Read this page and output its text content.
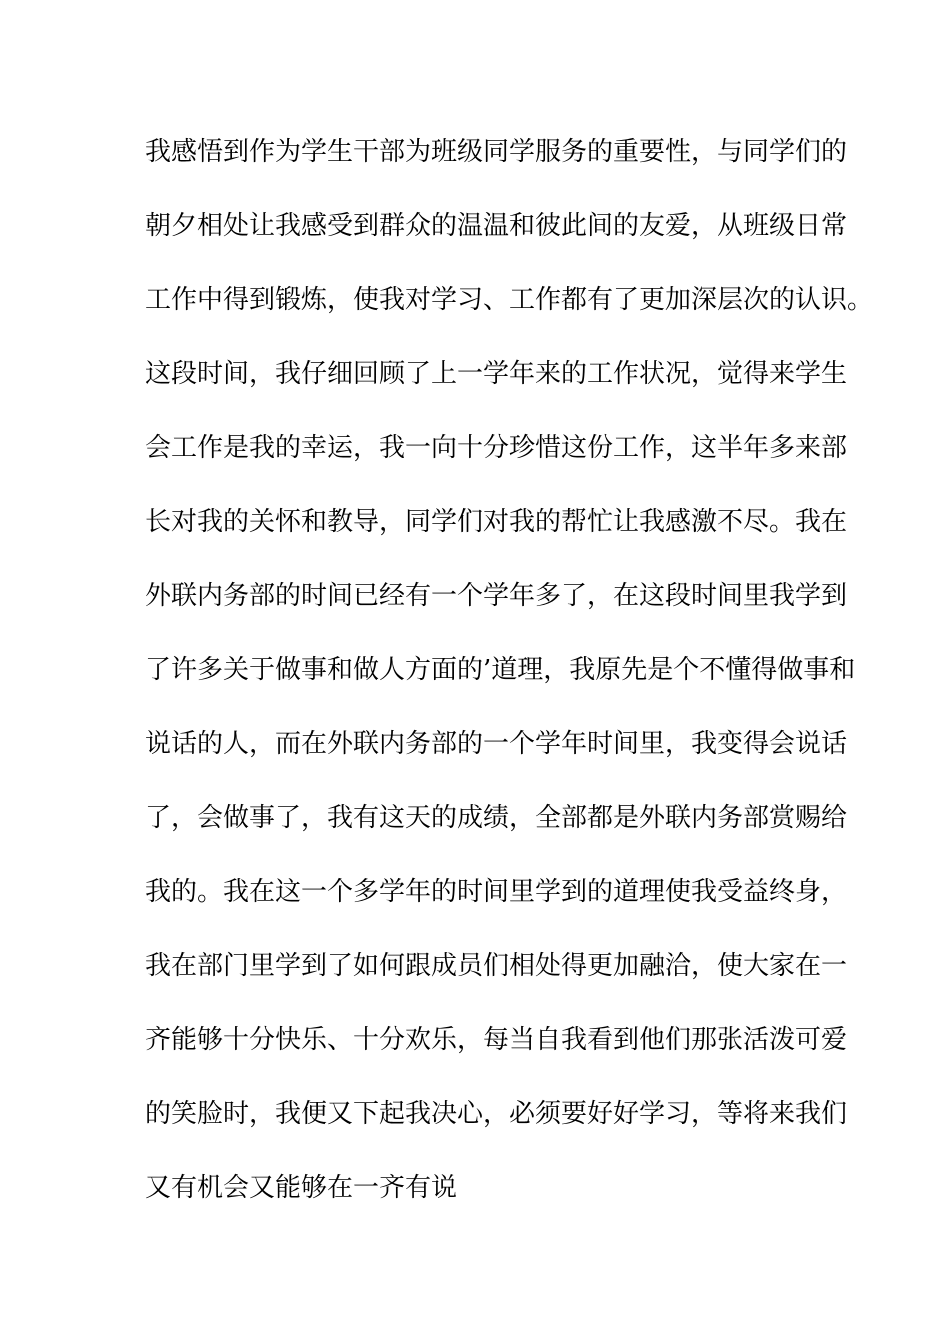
我感悟到作为学生干部为班级同学服务的重要性，与同学们的
朝夕相处让我感受到群众的温温和彼此间的友爱，从班级日常
工作中得到锻炼，使我对学习、工作都有了更加深层次的认识。
这段时间，我仔细回顾了上一学年来的工作状况，觉得来学生
会工作是我的幸运，我一向十分珍惜这份工作，这半年多来部
长对我的关怀和教导，同学们对我的帮忙让我感激不尽。我在
外联内务部的时间已经有一个学年多了，在这段时间里我学到
了许多关于做事和做人方面的’道理，我原先是个不懂得做事和
说话的人，而在外联内务部的一个学年时间里，我变得会说话
了，会做事了，我有这天的成绩，全部都是外联内务部赏赐给
我的。我在这一个多学年的时间里学到的道理使我受益终身，
我在部门里学到了如何跟成员们相处得更加融洽，使大家在一
齐能够十分快乐、十分欢乐，每当自我看到他们那张活泼可爱
的笑脸时，我便又下起我决心，必须要好好学习，等将来我们
又有机会又能够在一齐有说
